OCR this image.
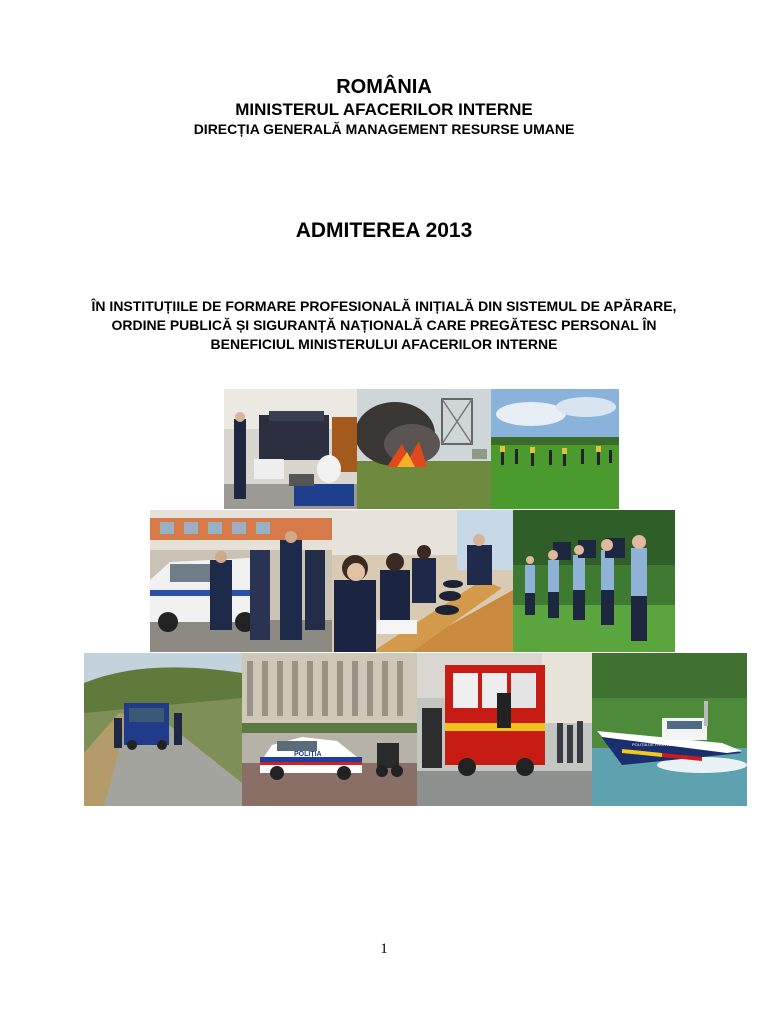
ROMÂNIA
MINISTERUL AFACERILOR INTERNE
DIRECȚIA GENERALĂ MANAGEMENT RESURSE UMANE
ADMITEREA 2013
ÎN INSTITUȚIILE DE FORMARE PROFESIONALĂ INIȚIALĂ DIN SISTEMUL DE APĂRARE,
ORDINE PUBLICĂ ȘI SIGURANȚĂ NAȚIONALĂ CARE PREGĂTESC PERSONAL ÎN
BENEFICIUL MINISTERULUI AFACERILOR INTERNE
POLIȚIA
POLIȚIA DE FRONTIERĂ
1
